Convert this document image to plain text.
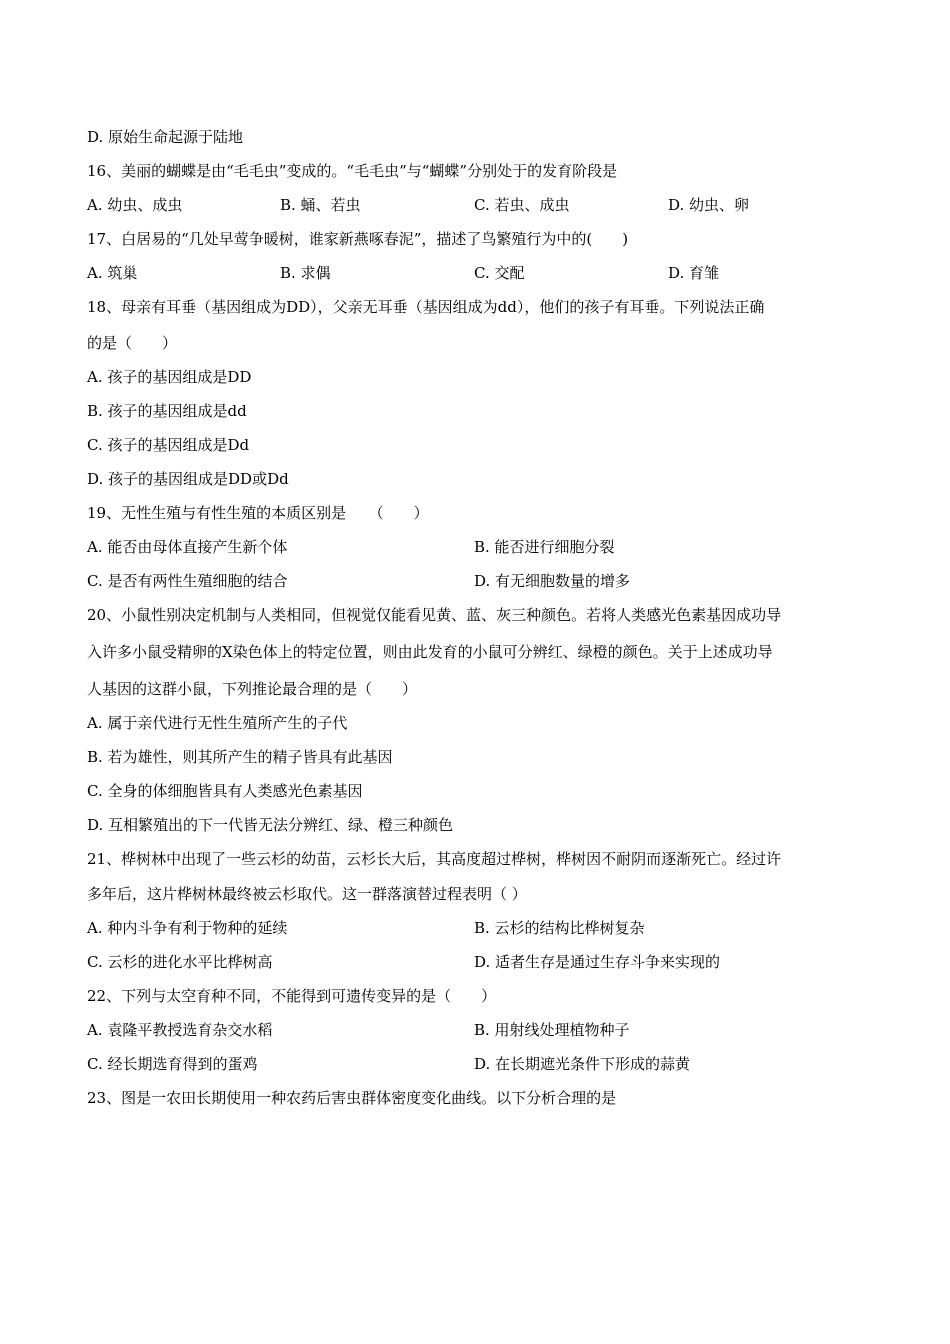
D. 原始生命起源于陆地
16、美丽的蝴蝶是由“毛毛虫”变成的。“毛毛虫”与“蝴蝶”分别处于的发育阶段是
A. 幼虫、成虫	B. 蛹、若虫	C. 若虫、成虫	D. 幼虫、卵
17、白居易的“几处早莺争暖树，谁家新燕啄春泥”，描述了鸟繁殖行为中的(　　)
A. 筑巢	B. 求偶	C. 交配	D. 育雏
18、母亲有耳垂（基因组成为DD），父亲无耳垂（基因组成为dd），他们的孩子有耳垂。下列说法正确
的是（　　）
A. 孩子的基因组成是DD
B. 孩子的基因组成是dd
C. 孩子的基因组成是Dd
D. 孩子的基因组成是DD或Dd
19、无性生殖与有性生殖的本质区别是　　（　　）
A. 能否由母体直接产生新个体	B. 能否进行细胞分裂
C. 是否有两性生殖细胞的结合	D. 有无细胞数量的增多
20、小鼠性别决定机制与人类相同，但视觉仅能看见黄、蓝、灰三种颜色。若将人类感光色素基因成功导
入许多小鼠受精卵的X染色体上的特定位置，则由此发育的小鼠可分辨红、绿橙的颜色。关于上述成功导
人基因的这群小鼠，下列推论最合理的是（　　）
A. 属于亲代进行无性生殖所产生的子代
B. 若为雄性，则其所产生的精子皆具有此基因
C. 全身的体细胞皆具有人类感光色素基因
D. 互相繁殖出的下一代皆无法分辨红、绿、橙三种颜色
21、桦树林中出现了一些云杉的幼苗，云杉长大后，其高度超过桦树，桦树因不耐阴而逐渐死亡。经过许
多年后，这片桦树林最终被云杉取代。这一群落演替过程表明（ ）
A. 种内斗争有利于物种的延续	B. 云杉的结构比桦树复杂
C. 云杉的进化水平比桦树高	D. 适者生存是通过生存斗争来实现的
22、下列与太空育种不同，不能得到可遗传变异的是（　　）
A. 袁隆平教授选育杂交水稻	B. 用射线处理植物种子
C. 经长期选育得到的蛋鸡	D. 在长期遮光条件下形成的蒜黄
23、图是一农田长期使用一种农药后害虫群体密度变化曲线。以下分析合理的是
